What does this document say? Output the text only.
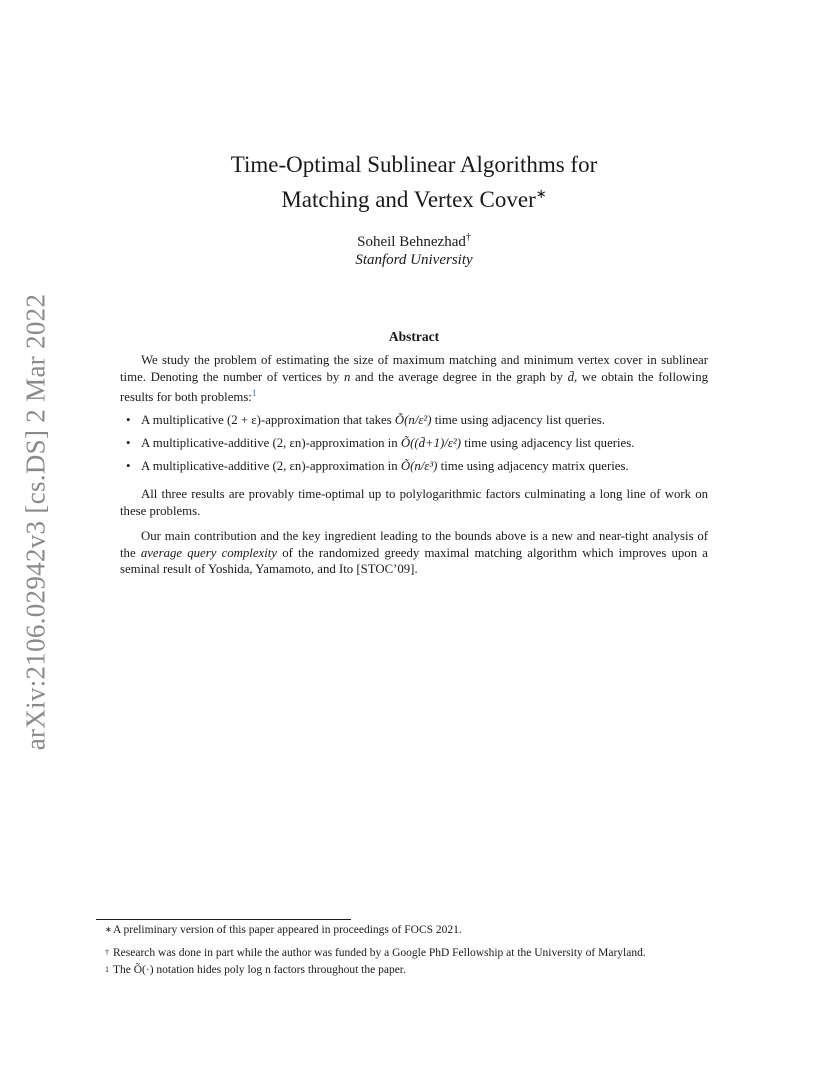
arXiv:2106.02942v3 [cs.DS] 2 Mar 2022
Time-Optimal Sublinear Algorithms for
Matching and Vertex Cover∗
Soheil Behnezhad†
Stanford University
Abstract
We study the problem of estimating the size of maximum matching and minimum vertex cover in sublinear time. Denoting the number of vertices by n and the average degree in the graph by d̄, we obtain the following results for both problems:$^1$
• A multiplicative (2 + ε)-approximation that takes Õ(n/ε²) time using adjacency list queries.
• A multiplicative-additive (2, εn)-approximation in Õ((d̄+1)/ε²) time using adjacency list queries.
• A multiplicative-additive (2, εn)-approximation in Õ(n/ε³) time using adjacency matrix queries.
All three results are provably time-optimal up to polylogarithmic factors culminating a long line of work on these problems.
Our main contribution and the key ingredient leading to the bounds above is a new and near-tight analysis of the average query complexity of the randomized greedy maximal matching algorithm which improves upon a seminal result of Yoshida, Yamamoto, and Ito [STOC’09].
∗ A preliminary version of this paper appeared in proceedings of FOCS 2021.
† Research was done in part while the author was funded by a Google PhD Fellowship at the University of Maryland.
1 The Õ(·) notation hides poly log n factors throughout the paper.
